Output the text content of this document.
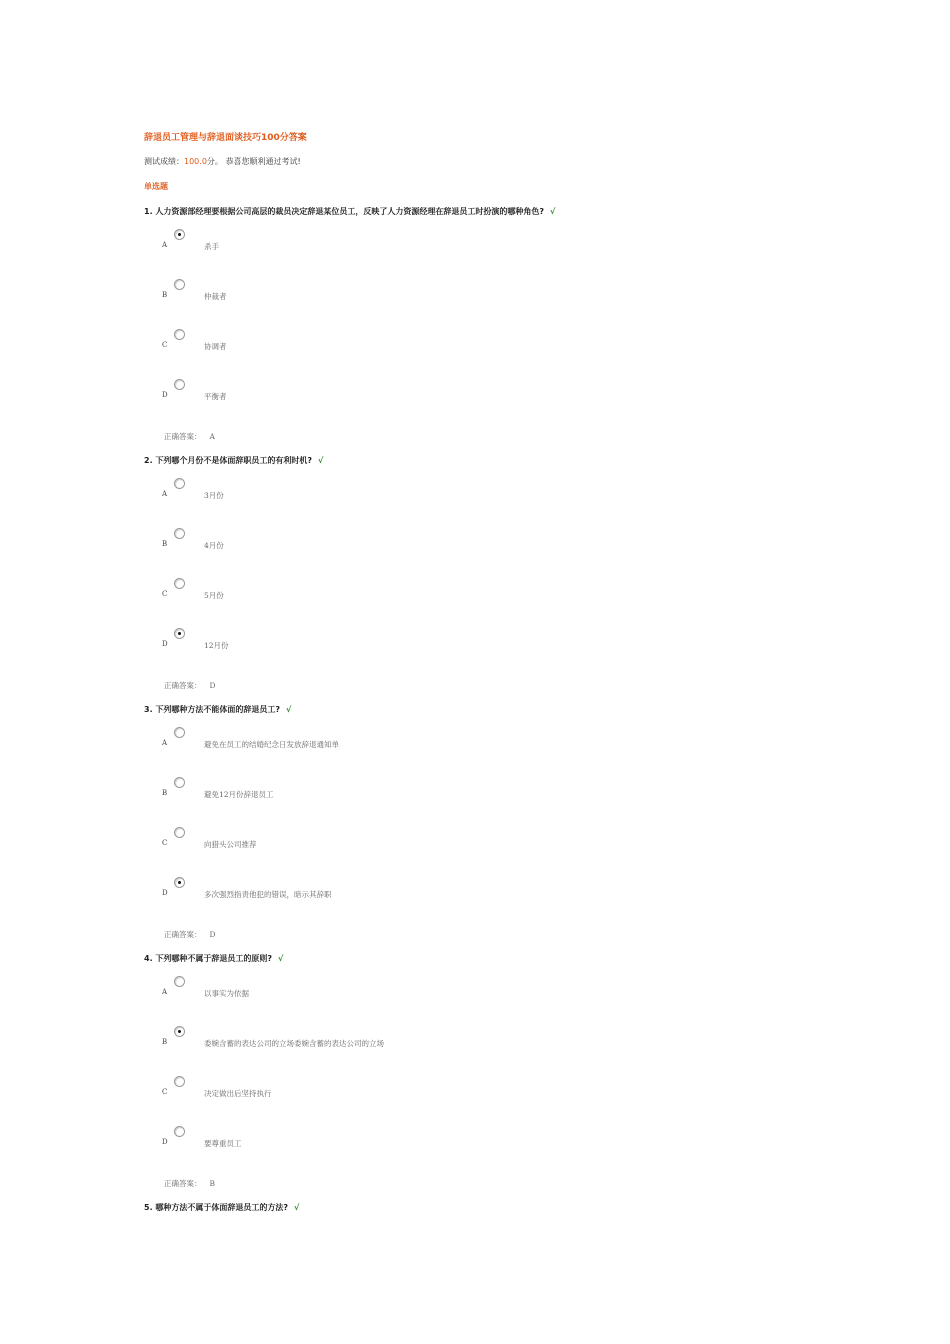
辞退员工管理与辞退面谈技巧100分答案
测试成绩：100.0分。 恭喜您顺利通过考试!
单选题
1. 人力资源部经理要根据公司高层的裁员决定辞退某位员工，反映了人力资源经理在辞退员工时扮演的哪种角色? √
A	杀手
B	仲裁者
C	协调者
D	平衡者
正确答案： A
2. 下列哪个月份不是体面辞职员工的有利时机? √
A	3月份
B	4月份
C	5月份
D	12月份
正确答案： D
3. 下列哪种方法不能体面的辞退员工? √
A	避免在员工的结婚纪念日发放辞退通知单
B	避免12月份辞退员工
C	向猎头公司推荐
D	多次强烈指责他犯的错误，暗示其辞职
正确答案： D
4. 下列哪种不属于辞退员工的原则? √
A	以事实为依据
B	委婉含蓄的表达公司的立场委婉含蓄的表达公司的立场
C	决定做出后坚持执行
D	要尊重员工
正确答案： B
5. 哪种方法不属于体面辞退员工的方法? √
